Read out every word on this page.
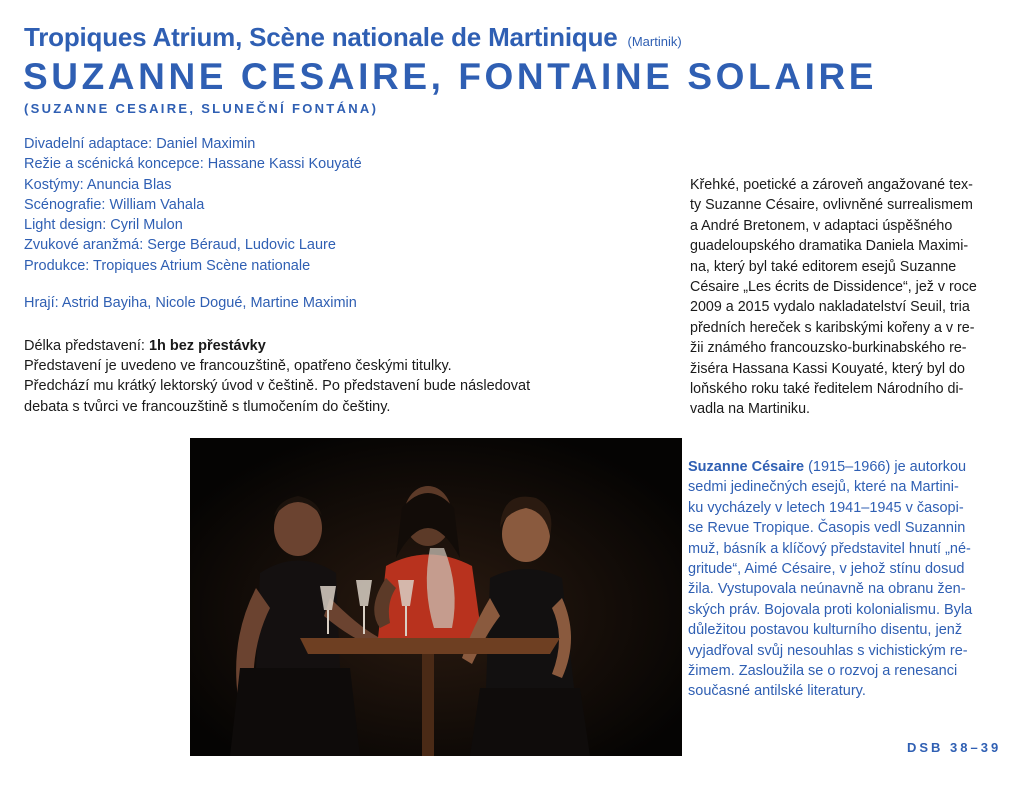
Tropiques Atrium, Scène nationale de Martinique (Martinik)
SUZANNE CESAIRE, FONTAINE SOLAIRE
(SUZANNE CESAIRE, SLUNEČNÍ FONTÁNA)
Divadelní adaptace: Daniel Maximin
Režie a scénická koncepce: Hassane Kassi Kouyaté
Kostýmy: Anuncia Blas
Scénografie: William Vahala
Light design: Cyril Mulon
Zvukové aranžmá: Serge Béraud, Ludovic Laure
Produkce: Tropiques Atrium Scène nationale
Hrají: Astrid Bayiha, Nicole Dogué, Martine Maximin
Délka představení: 1h bez přestávky
Představení je uvedeno ve francouzštině, opatřeno českými titulky.
Předchází mu krátký lektorský úvod v češtině. Po představení bude následovat
debata s tvůrci ve francouzštině s tlumočením do češtiny.
Křehké, poetické a zároveň angažované tex-
ty Suzanne Césaire, ovlivněné surrealismem
a André Bretonem, v adaptaci úspěšného
guadeloupského dramatika Daniela Maximi-
na, který byl také editorem esejů Suzanne
Césaire „Les écrits de Dissidence“, jež v roce
2009 a 2015 vydalo nakladatelství Seuil, tria
předních hereček s karibskými kořeny a v re-
žii známého francouzsko-burkinabského re-
žiséra Hassana Kassi Kouyaté, který byl do
loňského roku také ředitelem Národního di-
vadla na Martiniku.
Suzanne Césaire (1915–1966) je autorkou
sedmi jedinečných esejů, které na Martini-
ku vycházely v letech 1941–1945 v časopi-
se Revue Tropique. Časopis vedl Suzannin
muž, básník a klíčový představitel hnutí „né-
gritude“, Aimé Césaire, v jehož stínu dosud
žila. Vystupovala neúnavně na obranu žen-
ských práv. Bojovala proti kolonialismu. Byla
důležitou postavou kulturního disentu, jenž
vyjadřoval svůj nesouhlas s vichistickým re-
žimem. Zasloužila se o rozvoj a renesanci
současné antilské literatury.
DSB 38–39
